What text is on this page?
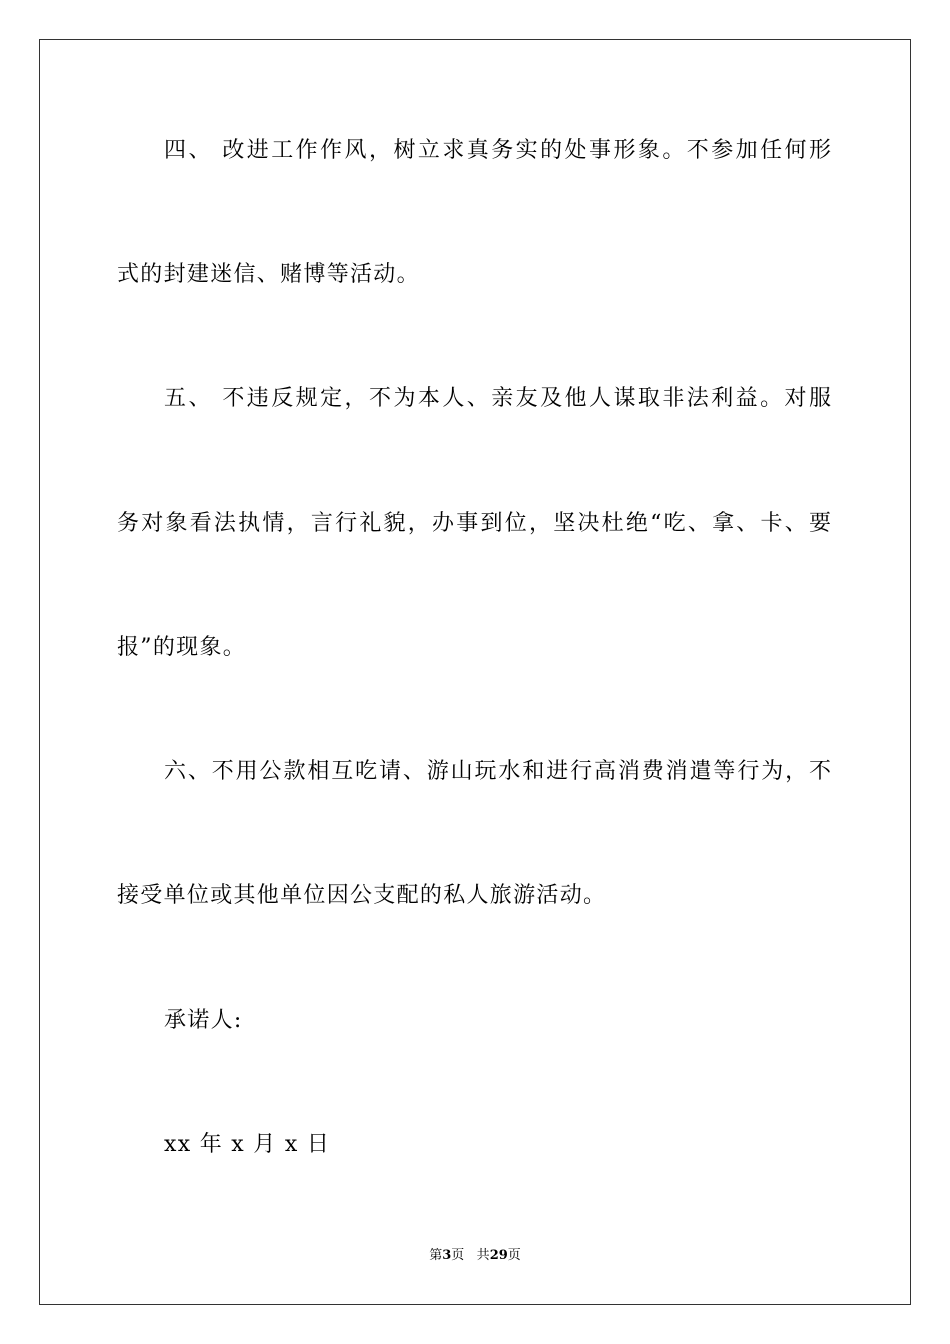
四、 改进工作作风，树立求真务实的处事形象。不参加任何形
式的封建迷信、赌博等活动。
五、 不违反规定，不为本人、亲友及他人谋取非法利益。对服
务对象看法执情，言行礼貌，办事到位，坚决杜绝“吃、拿、卡、要
报”的现象。
六、不用公款相互吃请、游山玩水和进行高消费消遣等行为，不
接受单位或其他单位因公支配的私人旅游活动。
承诺人:
xx 年 x 月 x 日
第3页 共29页
